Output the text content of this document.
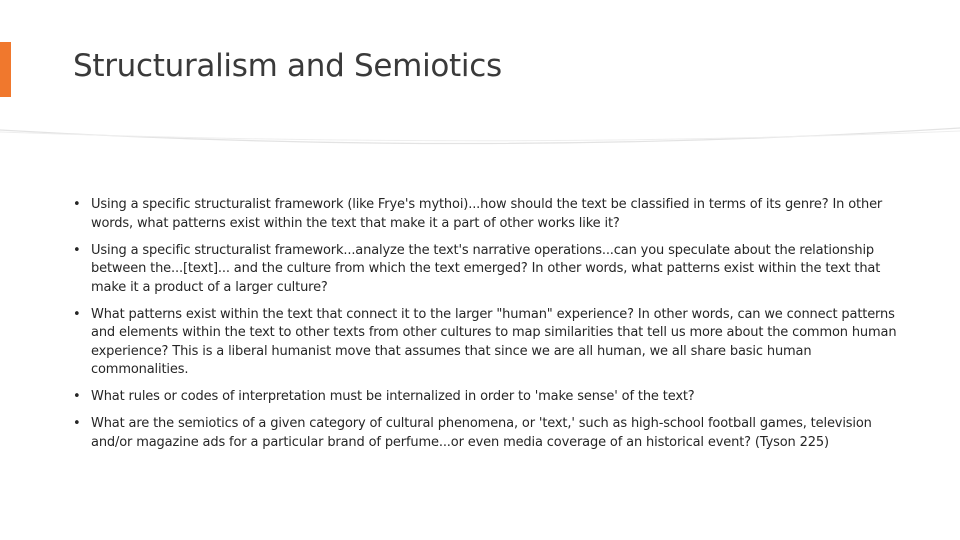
Structuralism and Semiotics
• Using a specific structuralist framework (like Frye's mythoi)...how should the text be classified in terms of its genre? In other words, what patterns exist within the text that make it a part of other works like it?
• Using a specific structuralist framework...analyze the text's narrative operations...can you speculate about the relationship between the...[text]... and the culture from which the text emerged? In other words, what patterns exist within the text that make it a product of a larger culture?
• What patterns exist within the text that connect it to the larger "human" experience? In other words, can we connect patterns and elements within the text to other texts from other cultures to map similarities that tell us more about the common human experience? This is a liberal humanist move that assumes that since we are all human, we all share basic human commonalities.
• What rules or codes of interpretation must be internalized in order to 'make sense' of the text?
• What are the semiotics of a given category of cultural phenomena, or 'text,' such as high-school football games, television and/or magazine ads for a particular brand of perfume...or even media coverage of an historical event? (Tyson 225)
